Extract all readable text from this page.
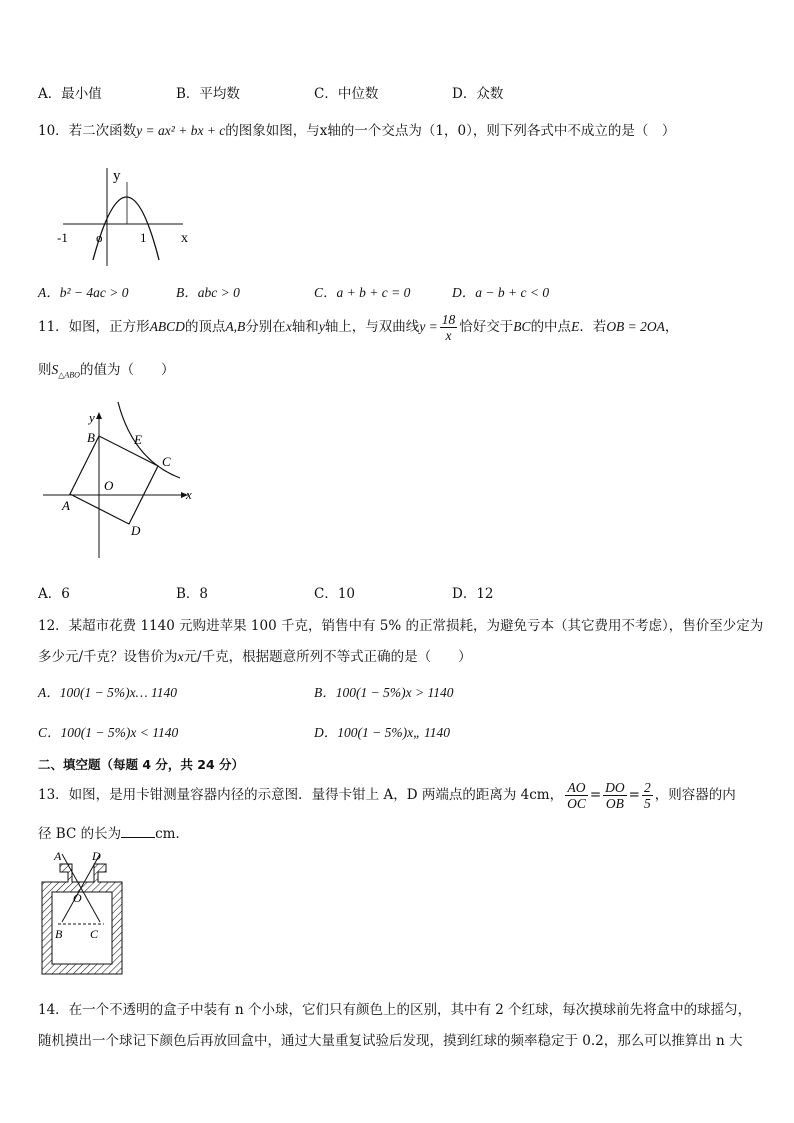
A．最小值	B．平均数	C．中位数	D．众数
10．若二次函数y = ax² + bx + c的图象如图，与x轴的一个交点为（1，0），则下列各式中不成立的是（　）
y
x
-1 o	1
A．b² − 4ac > 0	B．abc > 0	C．a + b + c = 0	D．a − b + c < 0
11．如图，正方形ABCD的顶点A,B分别在x轴和y轴上，与双曲线$y = \frac{18}{x}$ 恰好交于BC的中点E．若OB = 2OA，
则$S_{\triangle ABO}$的值为（　　）
y
x
B	E
C
O
A
D
A．6	B．8	C．10	D．12
12．某超市花费 1140 元购进苹果 100 千克，销售中有 5% 的正常损耗，为避免亏本（其它费用不考虑），售价至少定为
多少元/千克？设售价为x元/千克，根据题意所列不等式正确的是（　　）
A．100(1 − 5%)x… 1140	B．100(1 − 5%)x > 1140
C．100(1 − 5%)x < 1140	D．100(1 − 5%)x„ 1140
二、填空题（每题 4 分，共 24 分）
13．如图，是用卡钳测量容器内径的示意图．量得卡钳上 A，D 两端点的距离为 4cm， $\frac{AO}{OC} = \frac{DO}{OB} = \frac{2}{5}$ ，则容器的内
径 BC 的长为	cm．
A	D
O
B C
14．在一个不透明的盒子中装有 n 个小球，它们只有颜色上的区别，其中有 2 个红球，每次摸球前先将盒中的球摇匀，
随机摸出一个球记下颜色后再放回盒中，通过大量重复试验后发现，摸到红球的频率稳定于 0.2，那么可以推算出 n 大
